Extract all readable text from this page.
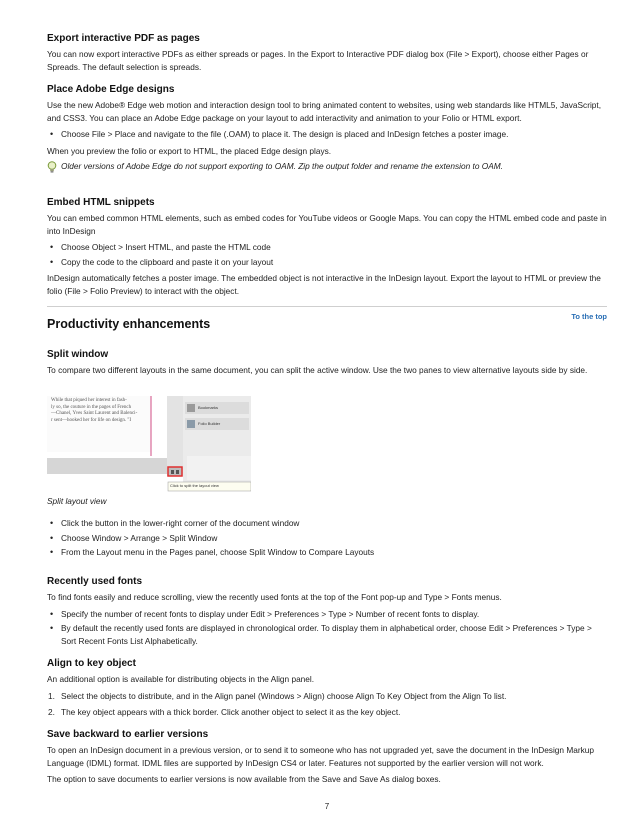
Export interactive PDF as pages

You can now export interactive PDFs as either spreads or pages. In the Export to Interactive PDF dialog box (File > Export), choose either Pages or Spreads. The default selection is spreads.

Place Adobe Edge designs

Use the new Adobe® Edge web motion and interaction design tool to bring animated content to websites, using web standards like HTML5, JavaScript, and CSS3. You can place an Adobe Edge package on your layout to add interactivity and animation to your Folio or HTML export.

• Choose File > Place and navigate to the file (.OAM) to place it. The design is placed and InDesign fetches a poster image.

When you preview the folio or export to HTML, the placed Edge design plays.

Older versions of Adobe Edge do not support exporting to OAM. Zip the output folder and rename the extension to OAM.
Embed HTML snippets

You can embed common HTML elements, such as embed codes for YouTube videos or Google Maps. You can copy the HTML embed code and paste in into InDesign

• Choose Object > Insert HTML, and paste the HTML code
• Copy the code to the clipboard and paste it on your layout

InDesign automatically fetches a poster image. The embedded object is not interactive in the InDesign layout. Export the layout to HTML or preview the folio (File > Folio Preview) to interact with the object.

To the top
Productivity enhancements
Split window

To compare two different layouts in the same document, you can split the active window. Use the two panes to view alternative layouts side by side.

While that piqued her interest in fash-
ly so, the couture in the pages of French
—Chanel, Yves Saint Laurent and Balenci-
r sent—hooked her for life on design. "I
Bookmarks
Folio Builder
Click to split the layout view
Split layout view
• Click the button in the lower-right corner of the document window
• Choose Window > Arrange > Split Window
• From the Layout menu in the Pages panel, choose Split Window to Compare Layouts
Recently used fonts

To find fonts easily and reduce scrolling, view the recently used fonts at the top of the Font pop-up and Type > Fonts menus.

• Specify the number of recent fonts to display under Edit > Preferences > Type > Number of recent fonts to display.
• By default the recently used fonts are displayed in chronological order. To display them in alphabetical order, choose Edit > Preferences > Type > Sort Recent Fonts List Alphabetically.
Align to key object

An additional option is available for distributing objects in the Align panel.

1. Select the objects to distribute, and in the Align panel (Windows > Align) choose Align To Key Object from the Align To list.
2. The key object appears with a thick border. Click another object to select it as the key object.
Save backward to earlier versions

To open an InDesign document in a previous version, or to send it to someone who has not upgraded yet, save the document in the InDesign Markup Language (IDML) format. IDML files are supported by InDesign CS4 or later. Features not supported by the earlier version will not work.

The option to save documents to earlier versions is now available from the Save and Save As dialog boxes.

7
